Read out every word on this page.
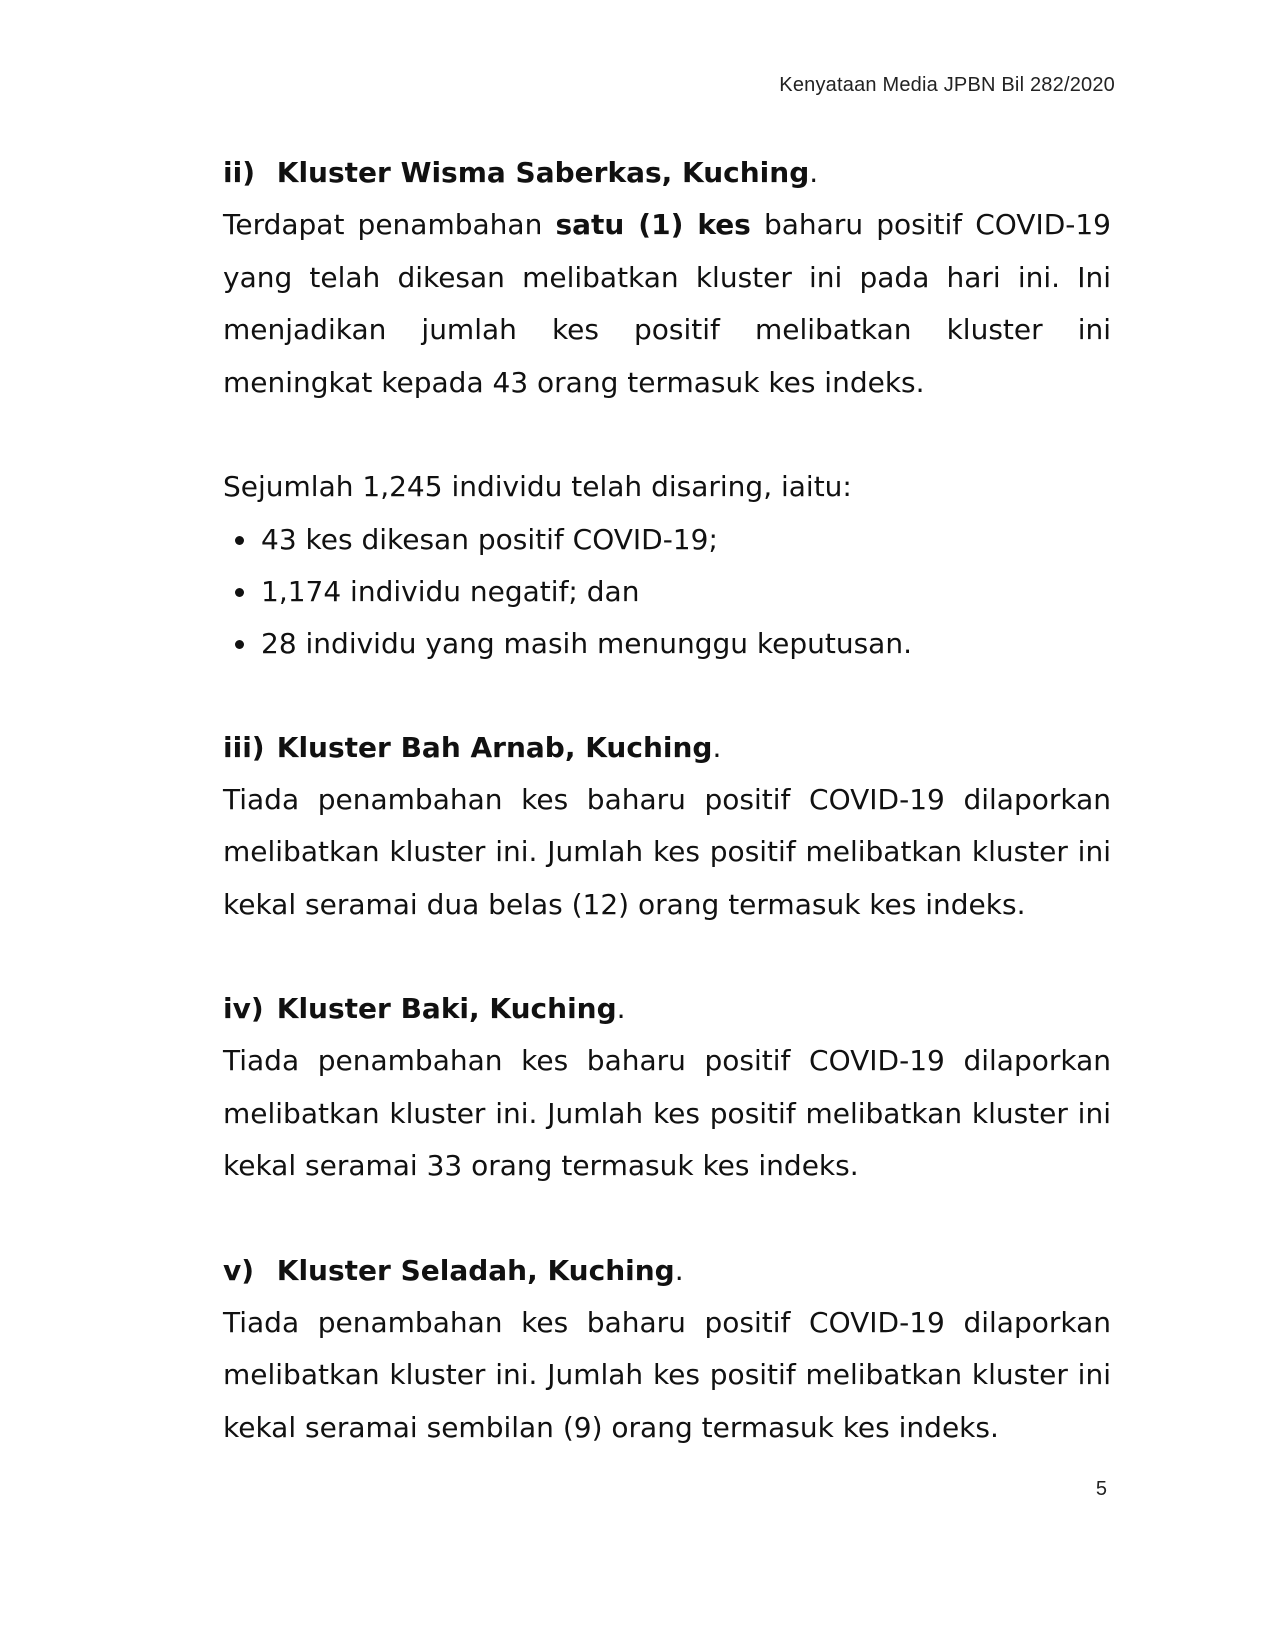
Kenyataan Media JPBN Bil 282/2020
ii) Kluster Wisma Saberkas, Kuching.

Terdapat penambahan satu (1) kes baharu positif COVID-19 yang telah dikesan melibatkan kluster ini pada hari ini. Ini menjadikan jumlah kes positif melibatkan kluster ini meningkat kepada 43 orang termasuk kes indeks.

Sejumlah 1,245 individu telah disaring, iaitu:

43 kes dikesan positif COVID-19;
1,174 individu negatif; dan
28 individu yang masih menunggu keputusan.
iii) Kluster Bah Arnab, Kuching.

Tiada penambahan kes baharu positif COVID-19 dilaporkan melibatkan kluster ini. Jumlah kes positif melibatkan kluster ini kekal seramai dua belas (12) orang termasuk kes indeks.

iv) Kluster Baki, Kuching.

Tiada penambahan kes baharu positif COVID-19 dilaporkan melibatkan kluster ini. Jumlah kes positif melibatkan kluster ini kekal seramai 33 orang termasuk kes indeks.

v) Kluster Seladah, Kuching.

Tiada penambahan kes baharu positif COVID-19 dilaporkan melibatkan kluster ini. Jumlah kes positif melibatkan kluster ini kekal seramai sembilan (9) orang termasuk kes indeks.

5
